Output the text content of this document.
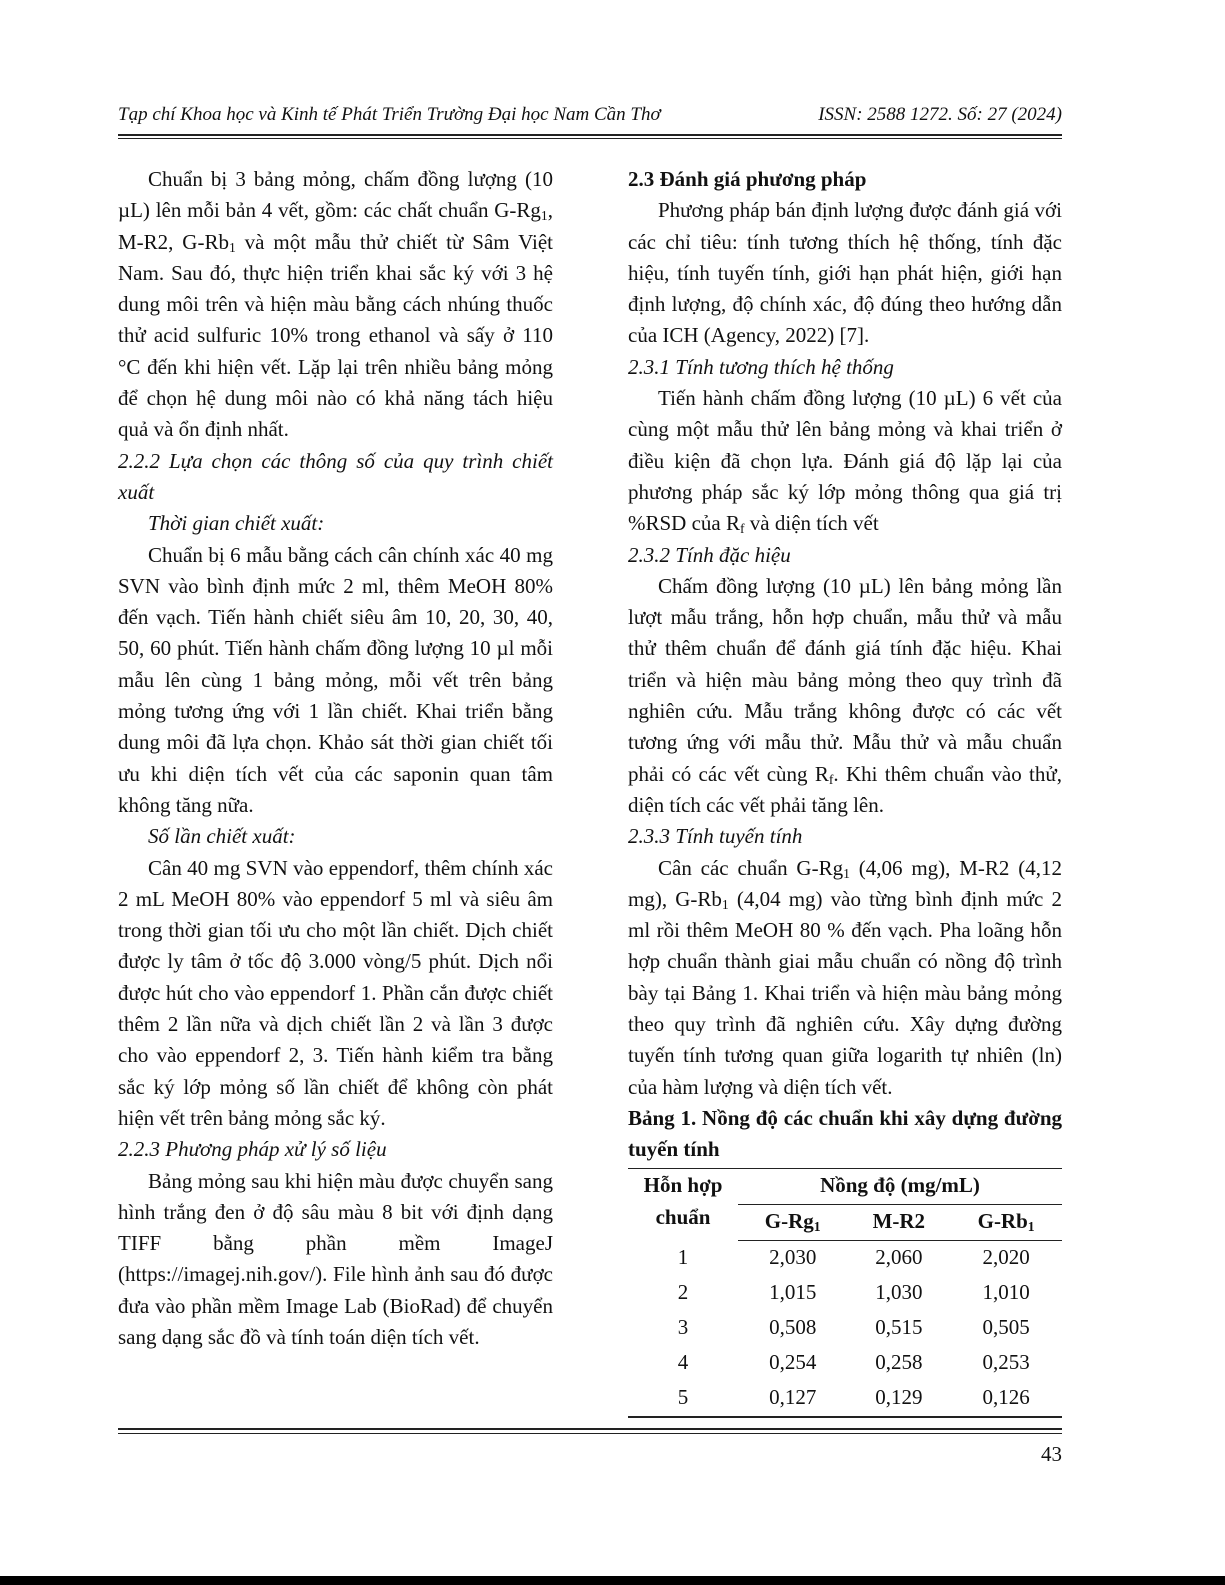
Tạp chí Khoa học và Kinh tế Phát Triển Trường Đại học Nam Cần Thơ	ISSN: 2588 1272. Số: 27 (2024)

Chuẩn bị 3 bảng mỏng, chấm đồng lượng (10 µL) lên mỗi bản 4 vết, gồm: các chất chuẩn $G-Rg_1$, M-R2, $G-Rb_1$ và một mẫu thử chiết từ Sâm Việt Nam. Sau đó, thực hiện triển khai sắc ký với 3 hệ dung môi trên và hiện màu bằng cách nhúng thuốc thử acid sulfuric 10% trong ethanol và sấy ở 110 °C đến khi hiện vết. Lặp lại trên nhiều bảng mỏng để chọn hệ dung môi nào có khả năng tách hiệu quả và ổn định nhất.

2.2.2 Lựa chọn các thông số của quy trình chiết xuất

Thời gian chiết xuất:

Chuẩn bị 6 mẫu bằng cách cân chính xác 40 mg SVN vào bình định mức 2 ml, thêm MeOH 80% đến vạch. Tiến hành chiết siêu âm 10, 20, 30, 40, 50, 60 phút. Tiến hành chấm đồng lượng 10 µl mỗi mẫu lên cùng 1 bảng mỏng, mỗi vết trên bảng mỏng tương ứng với 1 lần chiết. Khai triển bằng dung môi đã lựa chọn. Khảo sát thời gian chiết tối ưu khi diện tích vết của các saponin quan tâm không tăng nữa.

Số lần chiết xuất:

Cân 40 mg SVN vào eppendorf, thêm chính xác 2 mL MeOH 80% vào eppendorf 5 ml và siêu âm trong thời gian tối ưu cho một lần chiết. Dịch chiết được ly tâm ở tốc độ 3.000 vòng/5 phút. Dịch nổi được hút cho vào eppendorf 1. Phần cắn được chiết thêm 2 lần nữa và dịch chiết lần 2 và lần 3 được cho vào eppendorf 2, 3. Tiến hành kiểm tra bằng sắc ký lớp mỏng số lần chiết để không còn phát hiện vết trên bảng mỏng sắc ký.

2.2.3 Phương pháp xử lý số liệu

Bảng mỏng sau khi hiện màu được chuyển sang hình trắng đen ở độ sâu màu 8 bit với định dạng TIFF bằng phần mềm ImageJ (https://imagej.nih.gov/). File hình ảnh sau đó được đưa vào phần mềm Image Lab (BioRad) để chuyển sang dạng sắc đồ và tính toán diện tích vết.

2.3 Đánh giá phương pháp

Phương pháp bán định lượng được đánh giá với các chỉ tiêu: tính tương thích hệ thống, tính đặc hiệu, tính tuyến tính, giới hạn phát hiện, giới hạn định lượng, độ chính xác, độ đúng theo hướng dẫn của ICH (Agency, 2022) [7].

2.3.1 Tính tương thích hệ thống

Tiến hành chấm đồng lượng (10 µL) 6 vết của cùng một mẫu thử lên bảng mỏng và khai triển ở điều kiện đã chọn lựa. Đánh giá độ lặp lại của phương pháp sắc ký lớp mỏng thông qua giá trị %RSD của $R_f$ và diện tích vết

2.3.2 Tính đặc hiệu

Chấm đồng lượng (10 µL) lên bảng mỏng lần lượt mẫu trắng, hỗn hợp chuẩn, mẫu thử và mẫu thử thêm chuẩn để đánh giá tính đặc hiệu. Khai triển và hiện màu bảng mỏng theo quy trình đã nghiên cứu. Mẫu trắng không được có các vết tương ứng với mẫu thử. Mẫu thử và mẫu chuẩn phải có các vết cùng $R_f$. Khi thêm chuẩn vào thử, diện tích các vết phải tăng lên.

2.3.3 Tính tuyến tính

Cân các chuẩn $G-Rg_1$ (4,06 mg), M-R2 (4,12 mg), $G-Rb_1$ (4,04 mg) vào từng bình định mức 2 ml rồi thêm MeOH 80 % đến vạch. Pha loãng hỗn hợp chuẩn thành giai mẫu chuẩn có nồng độ trình bày tại Bảng 1. Khai triển và hiện màu bảng mỏng theo quy trình đã nghiên cứu. Xây dựng đường tuyến tính tương quan giữa logarith tự nhiên (ln) của hàm lượng và diện tích vết.

Bảng 1. Nồng độ các chuẩn khi xây dựng đường tuyến tính

Hỗn hợp
chuẩn	Nồng độ (mg/mL)		
	$G-Rg_1$	M-R2	$G-Rb_1$
1	2,030	2,060	2,020
2	1,015	1,030	1,010
3	0,508	0,515	0,505
4	0,254	0,258	0,253
5	0,127	0,129	0,126
43
